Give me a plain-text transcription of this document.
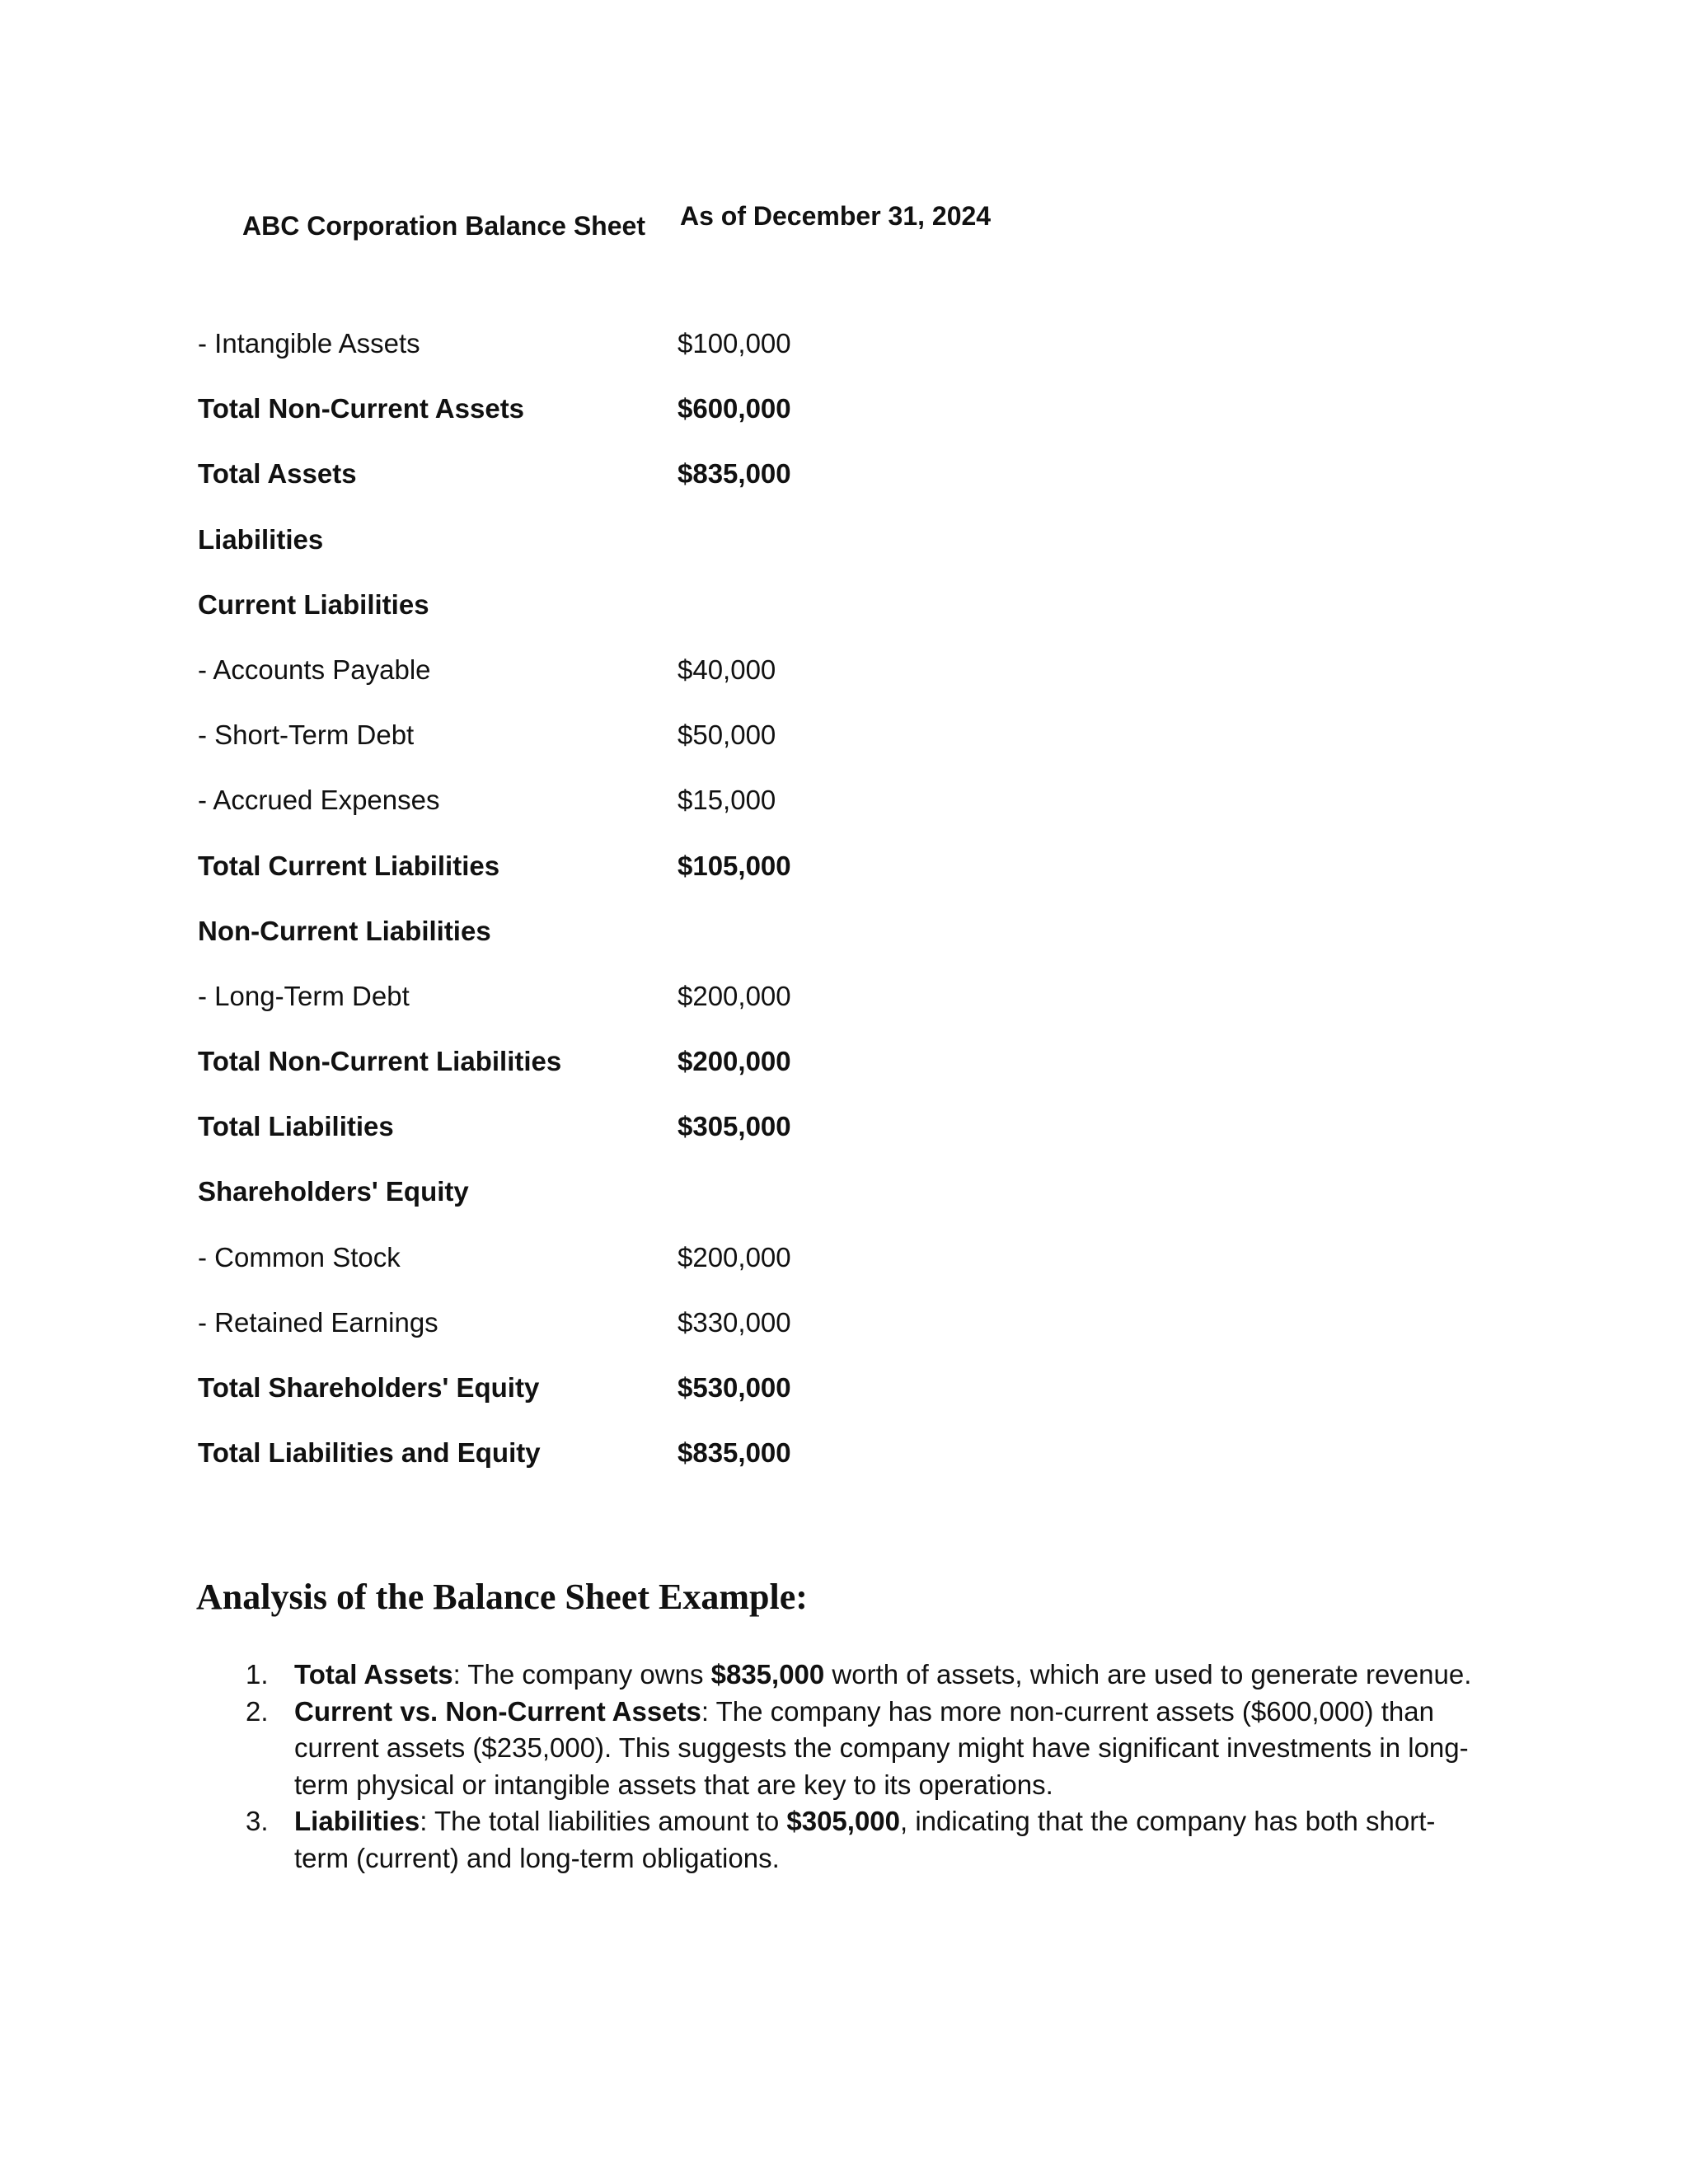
ABC Corporation Balance Sheet As of December 31, 2024
- Intangible Assets	$100,000
Total Non-Current Assets	$600,000
Total Assets	$835,000
Liabilities
Current Liabilities
- Accounts Payable	$40,000
- Short-Term Debt	$50,000
- Accrued Expenses	$15,000
Total Current Liabilities	$105,000
Non-Current Liabilities
- Long-Term Debt	$200,000
Total Non-Current Liabilities	$200,000
Total Liabilities	$305,000
Shareholders' Equity
- Common Stock	$200,000
- Retained Earnings	$330,000
Total Shareholders' Equity	$530,000
Total Liabilities and Equity	$835,000
Analysis of the Balance Sheet Example:
1. Total Assets: The company owns $835,000 worth of assets, which are used to generate revenue.
2. Current vs. Non-Current Assets: The company has more non-current assets ($600,000) than current assets ($235,000). This suggests the company might have significant investments in long-term physical or intangible assets that are key to its operations.
3. Liabilities: The total liabilities amount to $305,000, indicating that the company has both short-term (current) and long-term obligations.
